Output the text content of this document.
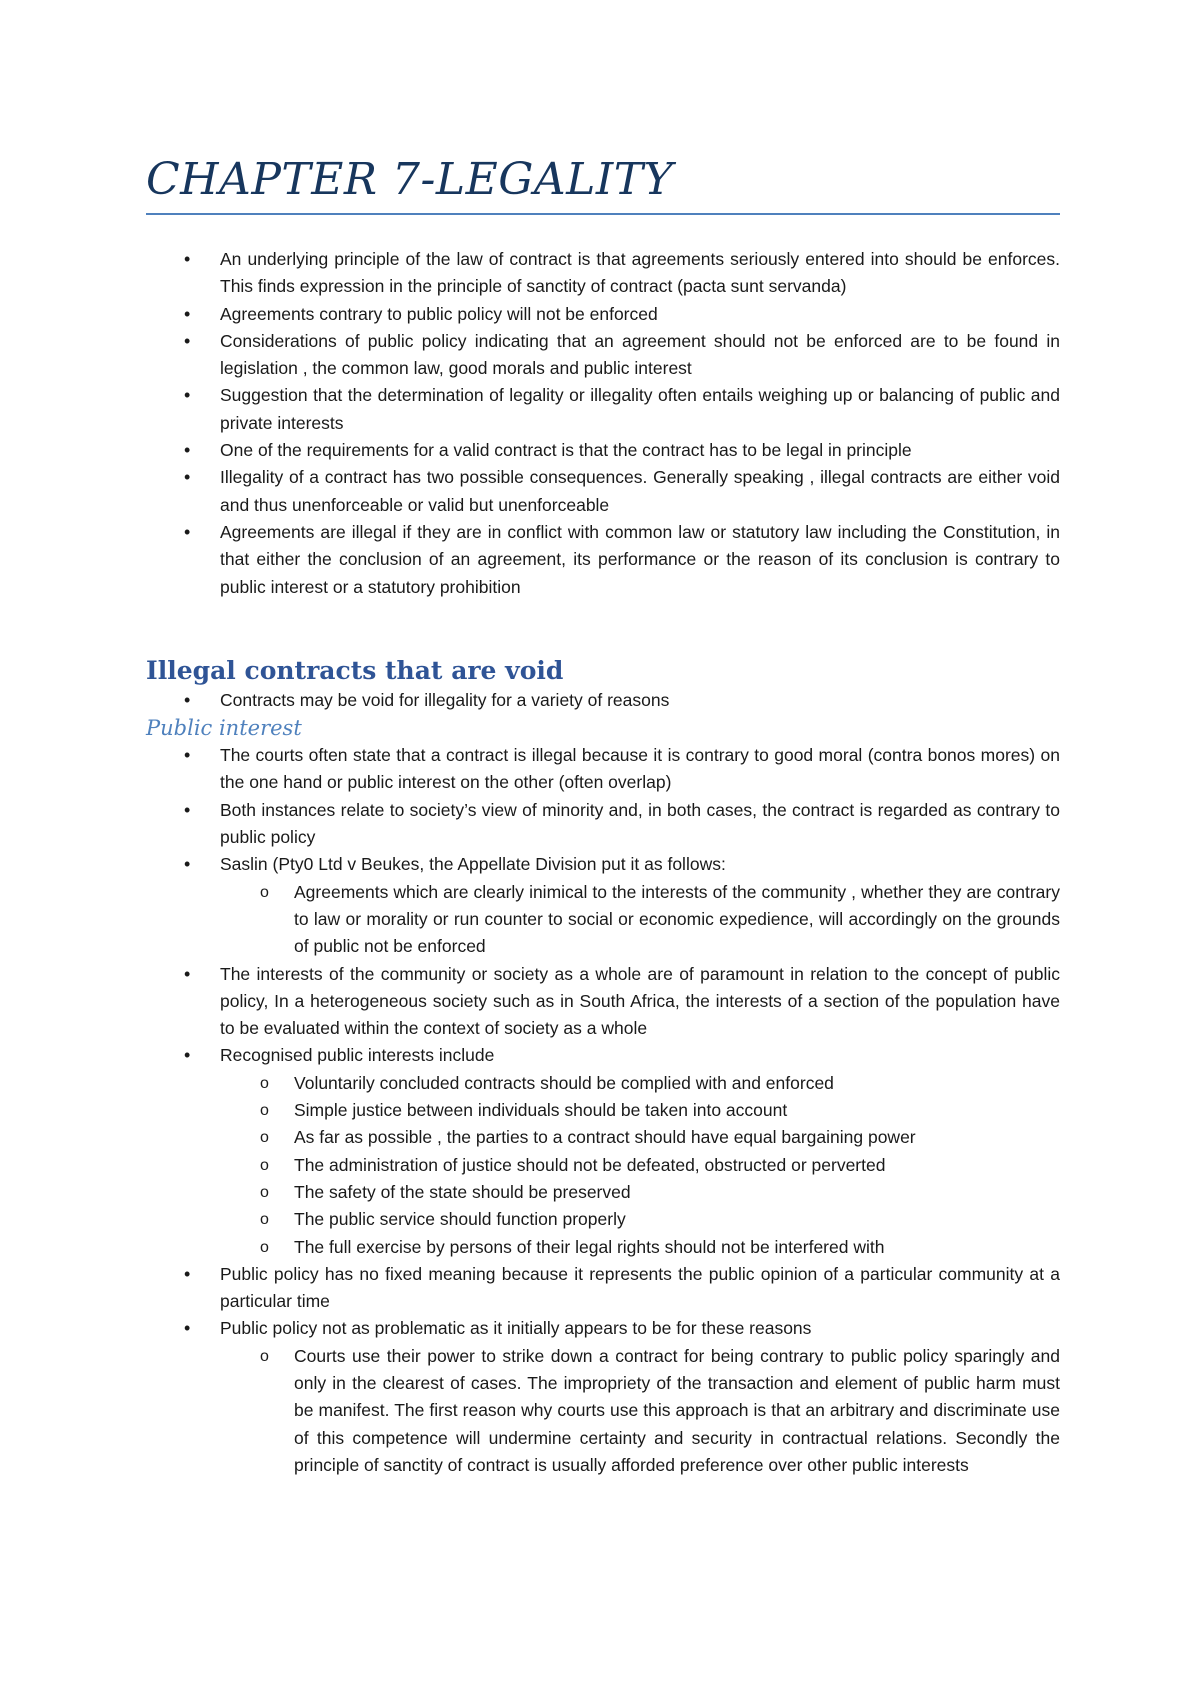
CHAPTER 7-LEGALITY
• An underlying principle of the law of contract is that agreements seriously entered into should be enforces. This finds expression in the principle of sanctity of contract (pacta sunt servanda)
• Agreements contrary to public policy will not be enforced
• Considerations of public policy indicating that an agreement should not be enforced are to be found in legislation , the common law, good morals and public interest
• Suggestion that the determination of legality or illegality often entails weighing up or balancing of public and private interests
• One of the requirements for a valid contract is that the contract has to be legal in principle
• Illegality of a contract has two possible consequences. Generally speaking , illegal contracts are either void and thus unenforceable or valid but unenforceable
• Agreements are illegal if they are in conflict with common law or statutory law including the Constitution, in that either the conclusion of an agreement, its performance or the reason of its conclusion is contrary to public interest or a statutory prohibition
Illegal contracts that are void
• Contracts may be void for illegality for a variety of reasons
Public interest
• The courts often state that a contract is illegal because it is contrary to good moral (contra bonos mores) on the one hand or public interest on the other (often overlap)
• Both instances relate to society’s view of minority and, in both cases, the contract is regarded as contrary to public policy
• Saslin (Pty0 Ltd v Beukes, the Appellate Division put it as follows:
o Agreements which are clearly inimical to the interests of the community , whether they are contrary to law or morality or run counter to social or economic expedience, will accordingly on the grounds of public not be enforced
• The interests of the community or society as a whole are of paramount in relation to the concept of public policy, In a heterogeneous society such as in South Africa, the interests of a section of the population have to be evaluated within the context of society as a whole
• Recognised public interests include
o Voluntarily concluded contracts should be complied with and enforced
o Simple justice between individuals should be taken into account
o As far as possible , the parties to a contract should have equal bargaining power
o The administration of justice should not be defeated, obstructed or perverted
o The safety of the state should be preserved
o The public service should function properly
o The full exercise by persons of their legal rights should not be interfered with
• Public policy has no fixed meaning because it represents the public opinion of a particular community at a particular time
• Public policy not as problematic as it initially appears to be for these reasons
o Courts use their power to strike down a contract for being contrary to public policy sparingly and only in the clearest of cases. The impropriety of the transaction and element of public harm must be manifest. The first reason why courts use this approach is that an arbitrary and discriminate use of this competence will undermine certainty and security in contractual relations. Secondly the principle of sanctity of contract is usually afforded preference over other public interests
